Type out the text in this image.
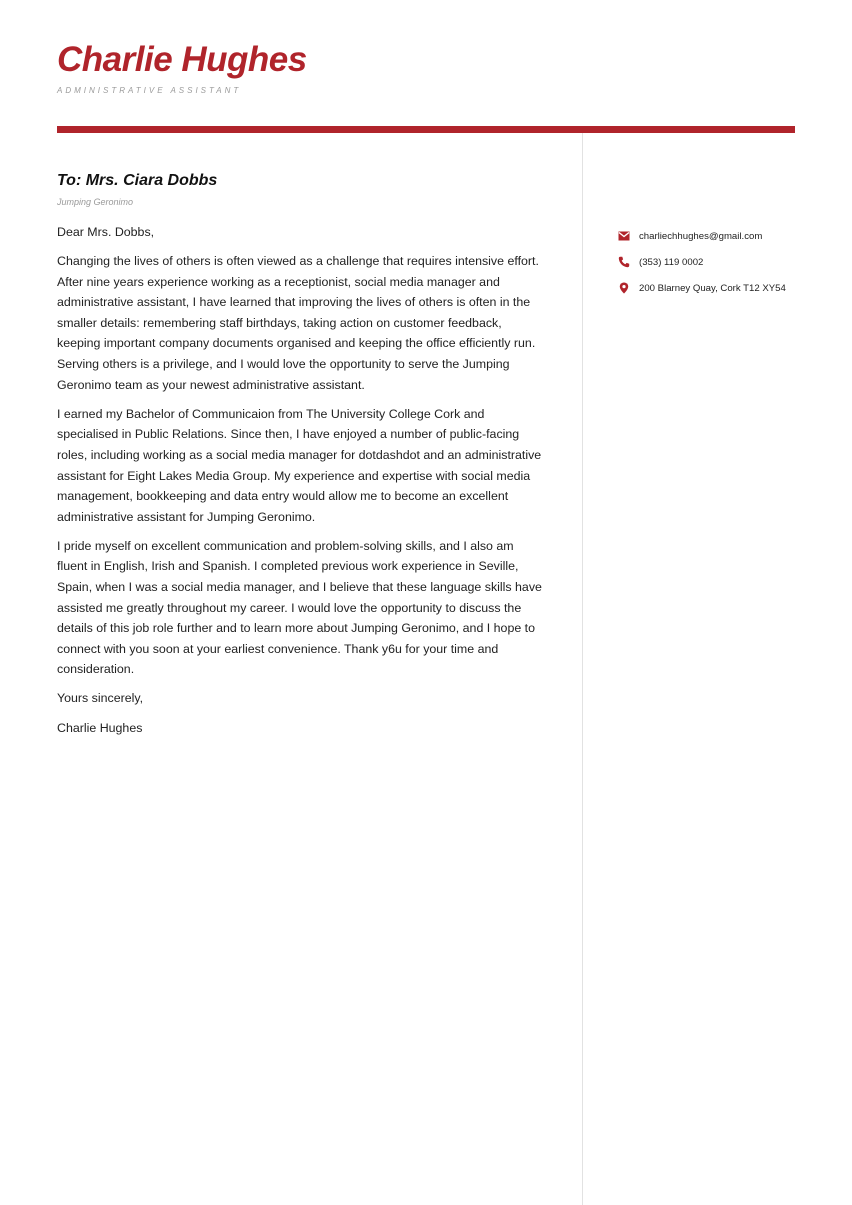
Charlie Hughes
ADMINISTRATIVE ASSISTANT
To: Mrs. Ciara Dobbs
Jumping Geronimo

Dear Mrs. Dobbs,

Changing the lives of others is often viewed as a challenge that requires intensive effort. After nine years experience working as a receptionist, social media manager and administrative assistant, I have learned that improving the lives of others is often in the smaller details: remembering staff birthdays, taking action on customer feedback, keeping important company documents organised and keeping the office efficiently run. Serving others is a privilege, and I would love the opportunity to serve the Jumping Geronimo team as your newest administrative assistant.

I earned my Bachelor of Communicaion from The University College Cork and specialised in Public Relations. Since then, I have enjoyed a number of public-facing roles, including working as a social media manager for dotdashdot and an administrative assistant for Eight Lakes Media Group. My experience and expertise with social media management, bookkeeping and data entry would allow me to become an excellent administrative assistant for Jumping Geronimo.

I pride myself on excellent communication and problem-solving skills, and I also am fluent in English, Irish and Spanish. I completed previous work experience in Seville, Spain, when I was a social media manager, and I believe that these language skills have assisted me greatly throughout my career. I would love the opportunity to discuss the details of this job role further and to learn more about Jumping Geronimo, and I hope to connect with you soon at your earliest convenience. Thank y6u for your time and consideration.

Yours sincerely,

Charlie Hughes

charliechhughes@gmail.com
(353) 119 0002
200 Blarney Quay, Cork T12 XY54
